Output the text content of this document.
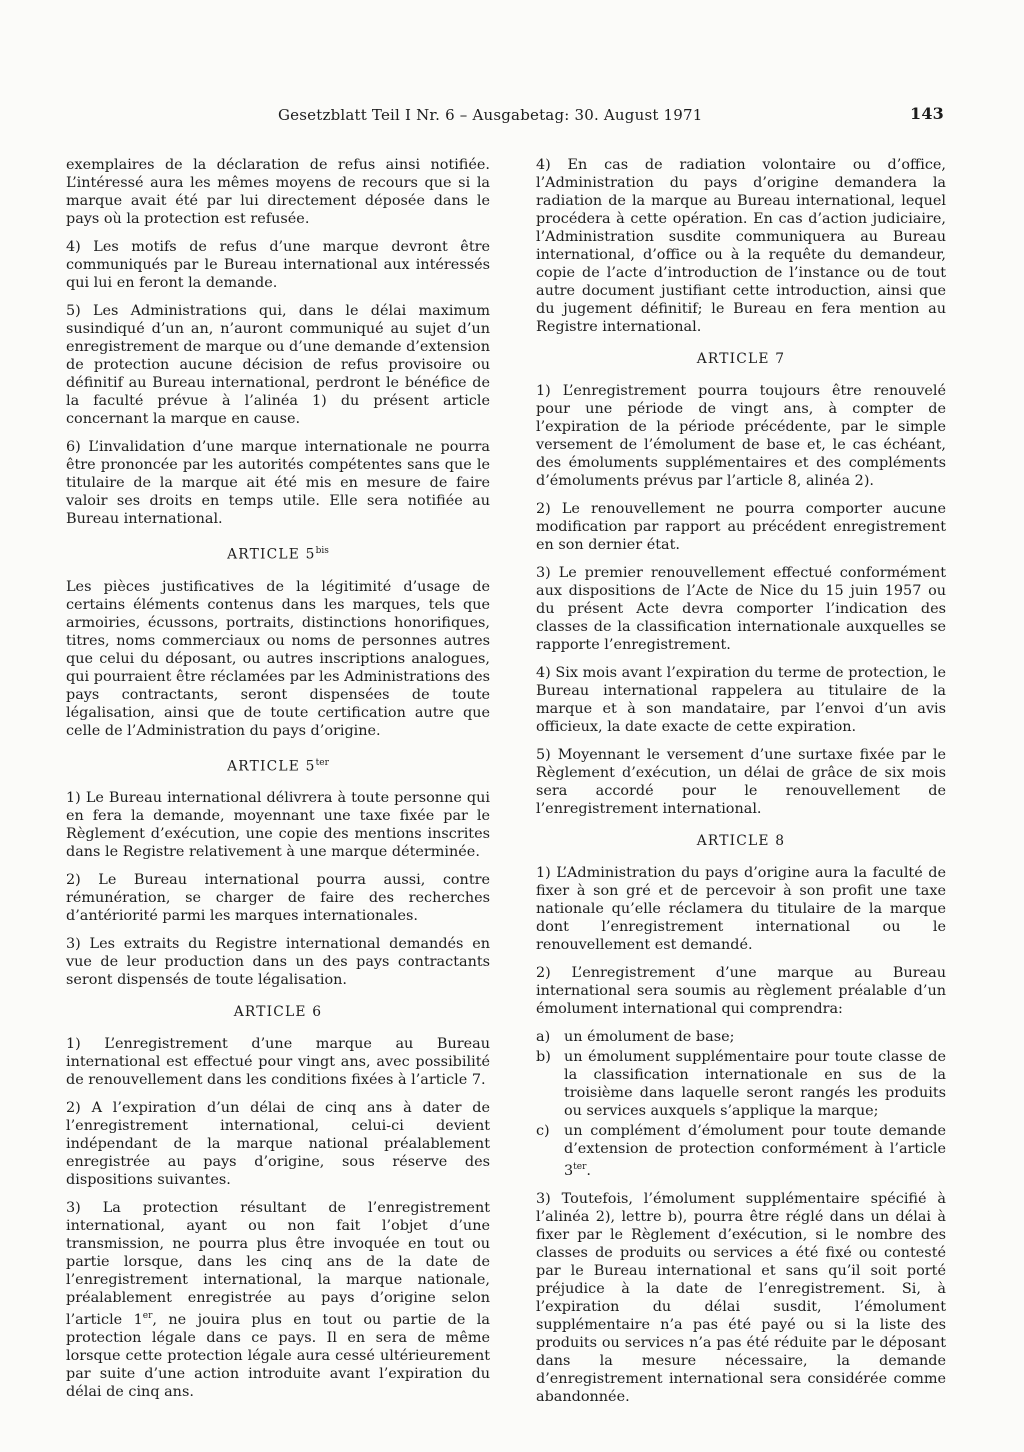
Gesetzblatt Teil I Nr. 6 – Ausgabetag: 30. August 1971	143

exemplaires de la déclaration de refus ainsi notifiée. L’intéressé aura les mêmes moyens de recours que si la marque avait été par lui directement déposée dans le pays où la protection est refusée.

4) Les motifs de refus d’une marque devront être communiqués par le Bureau international aux intéressés qui lui en feront la demande.

5) Les Administrations qui, dans le délai maximum susindiqué d’un an, n’auront communiqué au sujet d’un enregistrement de marque ou d’une demande d’extension de protection aucune décision de refus provisoire ou définitif au Bureau international, perdront le bénéfice de la faculté prévue à l’alinéa 1) du présent article concernant la marque en cause.

6) L’invalidation d’une marque internationale ne pourra être prononcée par les autorités compétentes sans que le titulaire de la marque ait été mis en mesure de faire valoir ses droits en temps utile. Elle sera notifiée au Bureau international.

ARTICLE $5^{bis}$

Les pièces justificatives de la légitimité d’usage de certains éléments contenus dans les marques, tels que armoiries, écussons, portraits, distinctions honorifiques, titres, noms commerciaux ou noms de personnes autres que celui du déposant, ou autres inscriptions analogues, qui pourraient être réclamées par les Administrations des pays contractants, seront dispensées de toute légalisation, ainsi que de toute certification autre que celle de l’Administration du pays d’origine.

ARTICLE $5^{ter}$

1) Le Bureau international délivrera à toute personne qui en fera la demande, moyennant une taxe fixée par le Règlement d’exécution, une copie des mentions inscrites dans le Registre relativement à une marque déterminée.

2) Le Bureau international pourra aussi, contre rémunération, se charger de faire des recherches d’antériorité parmi les marques internationales.

3) Les extraits du Registre international demandés en vue de leur production dans un des pays contractants seront dispensés de toute légalisation.

ARTICLE 6

1) L’enregistrement d’une marque au Bureau international est effectué pour vingt ans, avec possibilité de renouvellement dans les conditions fixées à l’article 7.

2) A l’expiration d’un délai de cinq ans à dater de l’enregistrement international, celui-ci devient indépendant de la marque national préalablement enregistrée au pays d’origine, sous réserve des dispositions suivantes.

3) La protection résultant de l’enregistrement international, ayant ou non fait l’objet d’une transmission, ne pourra plus être invoquée en tout ou partie lorsque, dans les cinq ans de la date de l’enregistrement international, la marque nationale, préalablement enregistrée au pays d’origine selon l’article 1er, ne jouira plus en tout ou partie de la protection légale dans ce pays. Il en sera de même lorsque cette protection légale aura cessé ultérieurement par suite d’une action introduite avant l’expiration du délai de cinq ans.

4) En cas de radiation volontaire ou d’office, l’Administration du pays d’origine demandera la radiation de la marque au Bureau international, lequel procédera à cette opération. En cas d’action judiciaire, l’Administration susdite communiquera au Bureau international, d’office ou à la requête du demandeur, copie de l’acte d’introduction de l’instance ou de tout autre document justifiant cette introduction, ainsi que du jugement définitif; le Bureau en fera mention au Registre international.

ARTICLE 7

1) L’enregistrement pourra toujours être renouvelé pour une période de vingt ans, à compter de l’expiration de la période précédente, par le simple versement de l’émolument de base et, le cas échéant, des émoluments supplémentaires et des compléments d’émoluments prévus par l’article 8, alinéa 2).

2) Le renouvellement ne pourra comporter aucune modification par rapport au précédent enregistrement en son dernier état.

3) Le premier renouvellement effectué conformément aux dispositions de l’Acte de Nice du 15 juin 1957 ou du présent Acte devra comporter l’indication des classes de la classification internationale auxquelles se rapporte l’enregistrement.

4) Six mois avant l’expiration du terme de protection, le Bureau international rappelera au titulaire de la marque et à son mandataire, par l’envoi d’un avis officieux, la date exacte de cette expiration.

5) Moyennant le versement d’une surtaxe fixée par le Règlement d’exécution, un délai de grâce de six mois sera accordé pour le renouvellement de l’enregistrement international.

ARTICLE 8

1) L’Administration du pays d’origine aura la faculté de fixer à son gré et de percevoir à son profit une taxe nationale qu’elle réclamera du titulaire de la marque dont l’enregistrement international ou le renouvellement est demandé.

2) L’enregistrement d’une marque au Bureau international sera soumis au règlement préalable d’un émolument international qui comprendra:

a) un émolument de base;
b) un émolument supplémentaire pour toute classe de la classification internationale en sus de la troisième dans laquelle seront rangés les produits ou services auxquels s’applique la marque;
c) un complément d’émolument pour toute demande d’extension de protection conformément à l’article $3^{ter}$.

3) Toutefois, l’émolument supplémentaire spécifié à l’alinéa 2), lettre b), pourra être réglé dans un délai à fixer par le Règlement d’exécution, si le nombre des classes de produits ou services a été fixé ou contesté par le Bureau international et sans qu’il soit porté préjudice à la date de l’enregistrement. Si, à l’expiration du délai susdit, l’émolument supplémentaire n’a pas été payé ou si la liste des produits ou services n’a pas été réduite par le déposant dans la mesure nécessaire, la demande d’enregistrement international sera considérée comme abandonnée.
